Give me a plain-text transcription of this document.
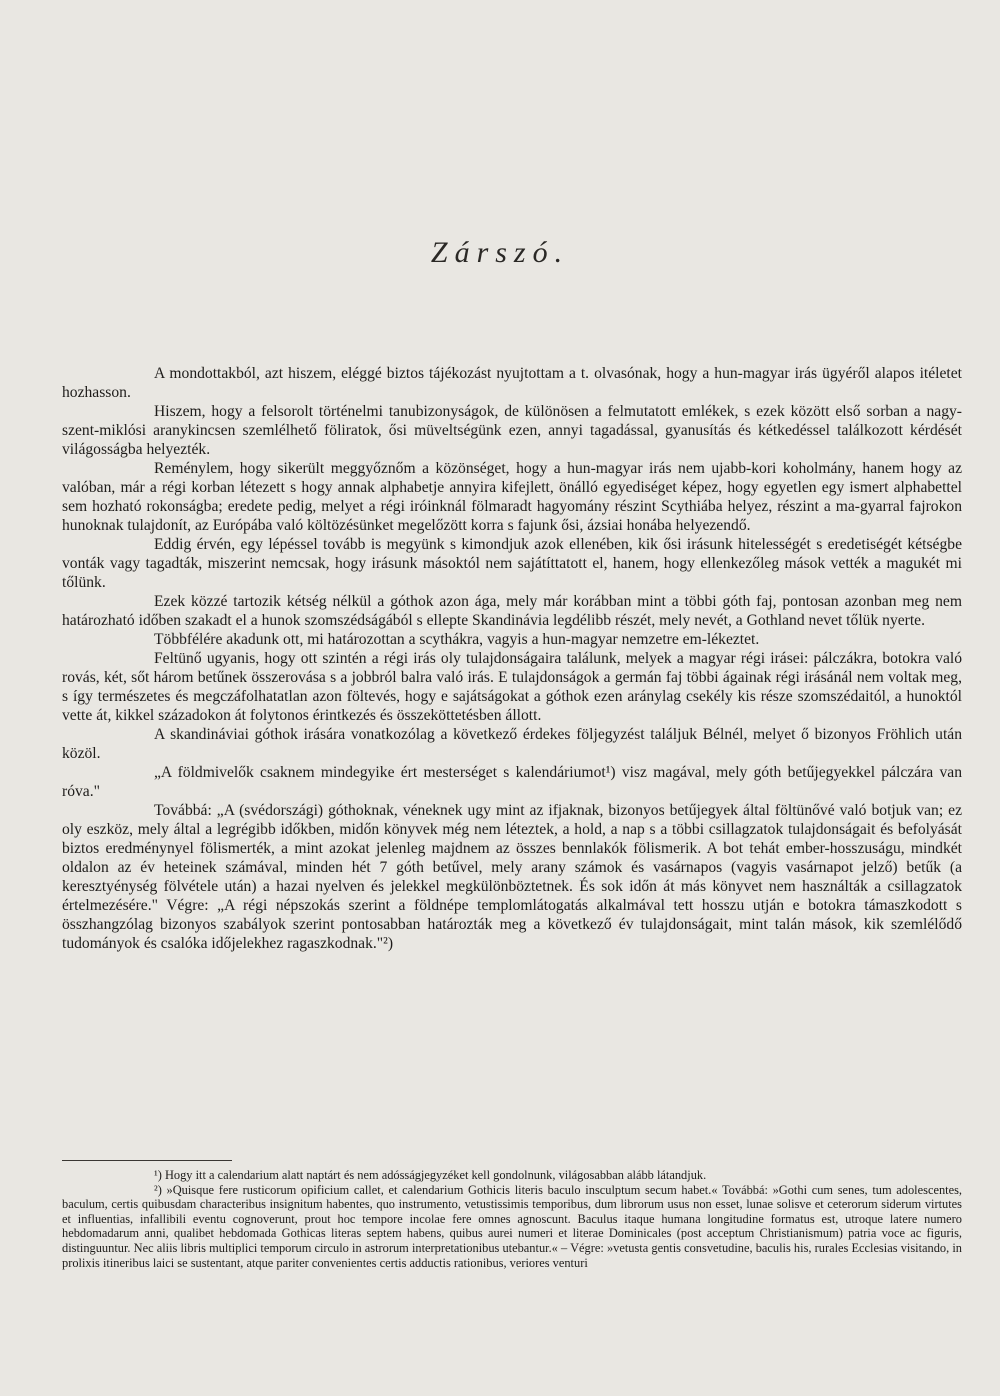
Zárszó.

A mondottakból, azt hiszem, eléggé biztos tájékozást nyujtottam a t. olvasónak, hogy a hun-magyar irás ügyéről alapos itéletet hozhasson.

Hiszem, hogy a felsorolt történelmi tanubizonyságok, de különösen a felmutatott emlékek, s ezek között első sorban a nagy-szent-miklósi aranykincsen szemlélhető föliratok, ősi müveltségünk ezen, annyi tagadással, gyanusítás és kétkedéssel találkozott kérdését világosságba helyezték.

Reménylem, hogy sikerült meggyőznőm a közönséget, hogy a hun-magyar irás nem ujabb-kori koholmány, hanem hogy az valóban, már a régi korban létezett s hogy annak alphabetje annyira kifejlett, önálló egyediséget képez, hogy egyetlen egy ismert alphabettel sem hozható rokonságba; eredete pedig, melyet a régi iróinknál fölmaradt hagyomány részint Scythiába helyez, részint a ma-gyarral fajrokon hunoknak tulajdonít, az Európába való költözésünket megelőzött korra s fajunk ősi, ázsiai honába helyezendő.

Eddig érvén, egy lépéssel tovább is megyünk s kimondjuk azok ellenében, kik ősi irásunk hitelességét s eredetiségét kétségbe vonták vagy tagadták, miszerint nemcsak, hogy irásunk másoktól nem sajátíttatott el, hanem, hogy ellenkezőleg mások vették a magukét mi tőlünk.

Ezek közzé tartozik kétség nélkül a góthok azon ága, mely már korábban mint a többi góth faj, pontosan azonban meg nem határozható időben szakadt el a hunok szomszédságából s ellepte Skandinávia legdélibb részét, mely nevét, a Gothland nevet tőlük nyerte.

Többfélére akadunk ott, mi határozottan a scythákra, vagyis a hun-magyar nemzetre em-lékeztet.

Feltünő ugyanis, hogy ott szintén a régi irás oly tulajdonságaira találunk, melyek a magyar régi irásei: pálczákra, botokra való rovás, két, sőt három betűnek összerovása s a jobbról balra való irás. E tulajdonságok a germán faj többi ágainak régi irásánál nem voltak meg, s így természetes és megczáfolhatatlan azon föltevés, hogy e sajátságokat a góthok ezen aránylag csekély kis része szomszédaitól, a hunoktól vette át, kikkel századokon át folytonos érintkezés és összeköttetésben állott.

A skandináviai góthok irására vonatkozólag a következő érdekes följegyzést találjuk Bélnél, melyet ő bizonyos Fröhlich után közöl.

„A földmivelők csaknem mindegyike ért mesterséget s kalendáriumot¹) visz magával, mely góth betűjegyekkel pálczára van róva."

Továbbá: „A (svédországi) góthoknak, véneknek ugy mint az ifjaknak, bizonyos betűjegyek által föltünővé való botjuk van; ez oly eszköz, mely által a legrégibb időkben, midőn könyvek még nem léteztek, a hold, a nap s a többi csillagzatok tulajdonságait és befolyását biztos eredménynyel fölismerték, a mint azokat jelenleg majdnem az összes bennlakók fölismerik. A bot tehát ember-hosszuságu, mindkét oldalon az év heteinek számával, minden hét 7 góth betűvel, mely arany számok és vasárnapos (vagyis vasárnapot jelző) betűk (a keresztyénység fölvétele után) a hazai nyelven és jelekkel megkülönböztetnek. És sok időn át más könyvet nem használták a csillagzatok értelmezésére." Végre: „A régi népszokás szerint a földnépe templomlátogatás alkalmával tett hosszu utján e botokra támaszkodott s összhangzólag bizonyos szabályok szerint pontosabban határozták meg a következő év tulajdonságait, mint talán mások, kik szemlélődő tudományok és csalóka időjelekhez ragaszkodnak."²)

¹) Hogy itt a calendarium alatt naptárt és nem adósságjegyzéket kell gondolnunk, világosabban alább látandjuk.

²) »Quisque fere rusticorum opificium callet, et calendarium Gothicis literis baculo insculptum secum habet.« Továbbá: »Gothi cum senes, tum adolescentes, baculum, certis quibusdam characteribus insignitum habentes, quo instrumento, vetustissimis temporibus, dum librorum usus non esset, lunae solisve et ceterorum siderum virtutes et influentias, infallibili eventu cognoverunt, prout hoc tempore incolae fere omnes agnoscunt. Baculus itaque humana longitudine formatus est, utroque latere numero hebdomadarum anni, qualibet hebdomada Gothicas literas septem habens, quibus aurei numeri et literae Dominicales (post acceptum Christianismum) patria voce ac figuris, distinguuntur. Nec aliis libris multiplici temporum circulo in astrorum interpretationibus utebantur.« – Végre: »vetusta gentis consvetudine, baculis his, rurales Ecclesias visitando, in prolixis itineribus laici se sustentant, atque pariter convenientes certis adductis rationibus, veriores venturi
